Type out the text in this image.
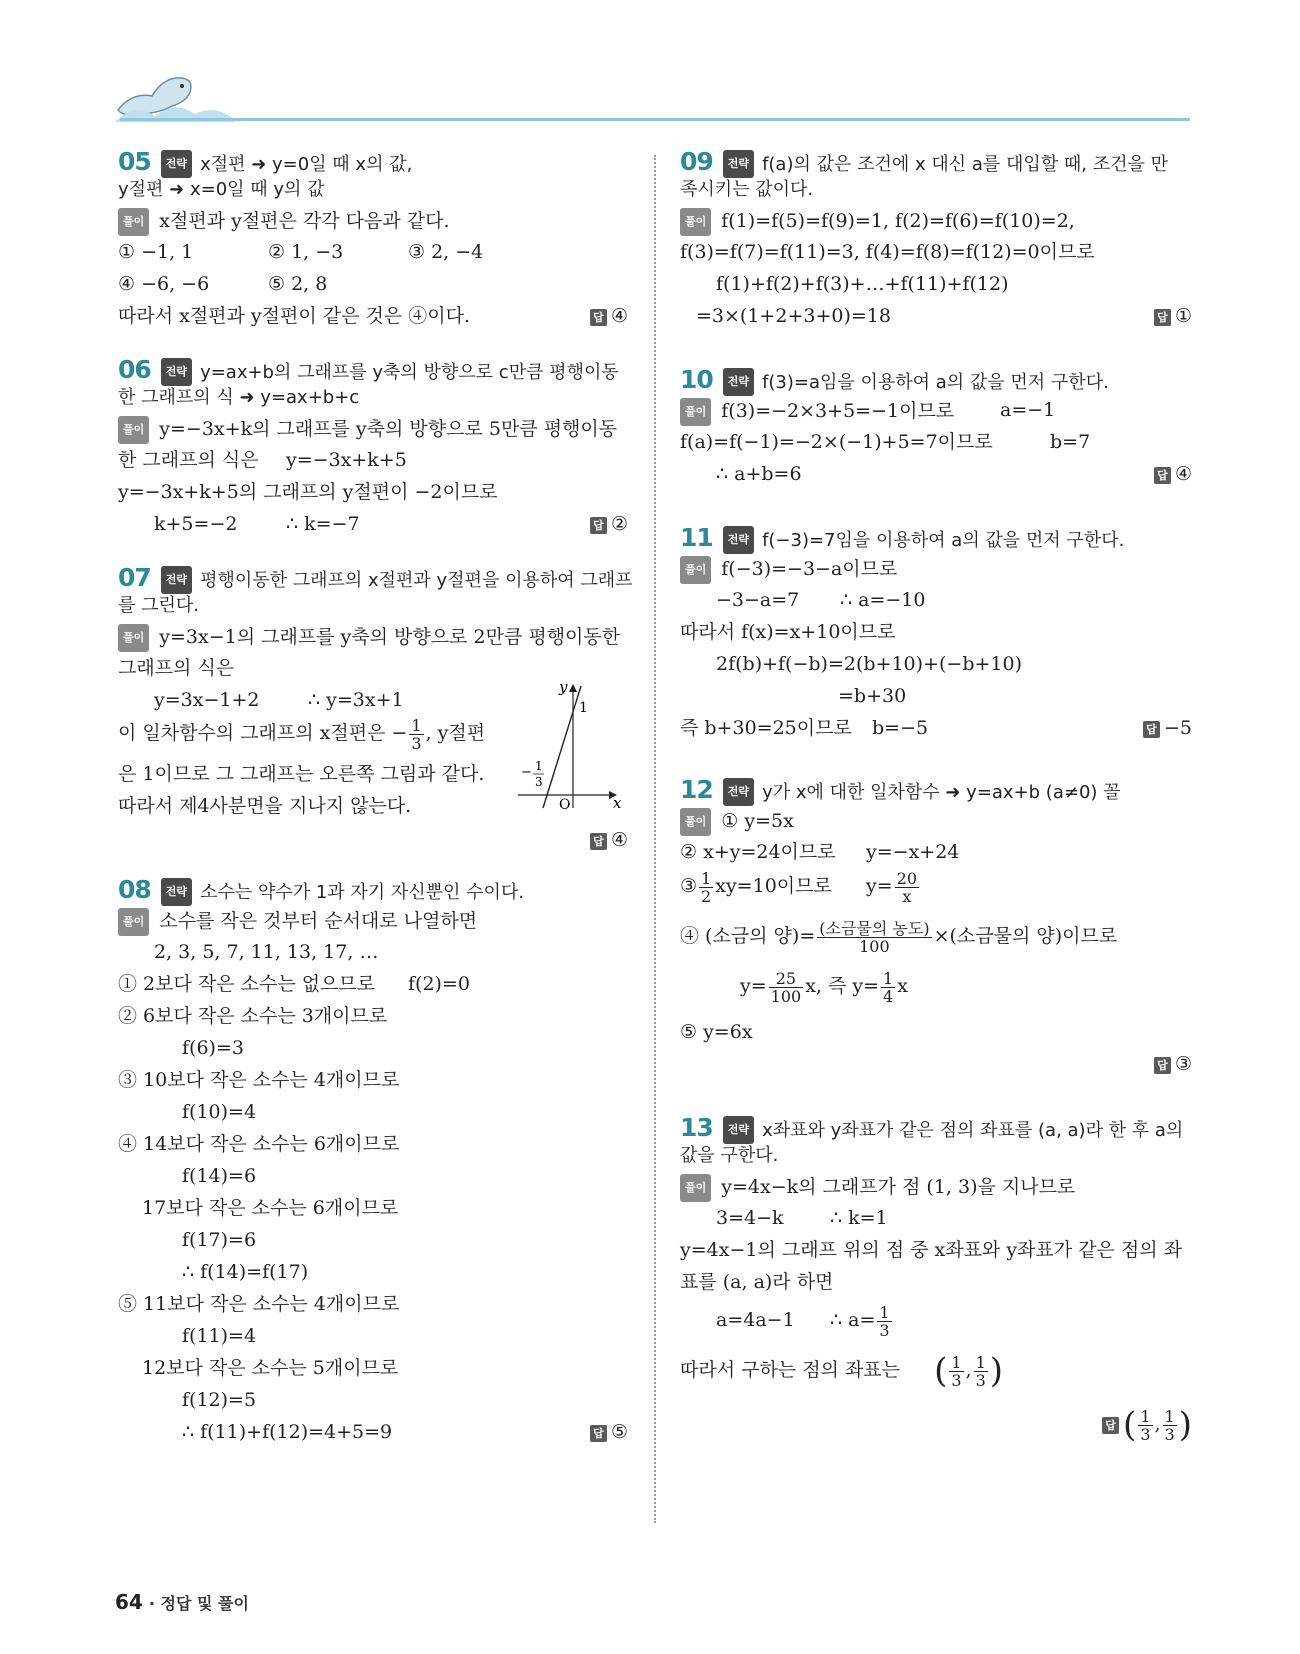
05 전략 x절편 ➜ y=0일 때 x의 값,
y절편 ➜ x=0일 때 y의 값
풀이 x절편과 y절편은 각각 다음과 같다.
① −1, 1	② 1, −3	③ 2, −4
④ −6, −6	⑤ 2, 8
따라서 x절편과 y절편이 같은 것은 ④이다.	답 ④
06 전략 y=ax+b의 그래프를 y축의 방향으로 c만큼 평행이동
한 그래프의 식 ➜ y=ax+b+c
풀이 y=−3x+k의 그래프를 y축의 방향으로 5만큼 평행이동
한 그래프의 식은 y=−3x+k+5
y=−3x+k+5의 그래프의 y절편이 −2이므로
k+5=−2	∴ k=−7	답 ②
07 전략 평행이동한 그래프의 x절편과 y절편을 이용하여 그래프
를 그린다.
풀이 y=3x−1의 그래프를 y축의 방향으로 2만큼 평행이동한
그래프의 식은
y=3x−1+2	∴ y=3x+1
이 일차함수의 그래프의 x절편은 − $\frac{1}{3}$ , y절편
은 1이므로 그 그래프는 오른쪽 그림과 같다.
따라서 제4사분면을 지나지 않는다.
답 ④
x
y
O
1
− 1
3
08 전략 소수는 약수가 1과 자기 자신뿐인 수이다.
풀이 소수를 작은 것부터 순서대로 나열하면
2, 3, 5, 7, 11, 13, 17, …
① 2보다 작은 소수는 없으므로 f(2)=0
② 6보다 작은 소수는 3개이므로
f(6)=3
③ 10보다 작은 소수는 4개이므로
f(10)=4
④ 14보다 작은 소수는 6개이므로
f(14)=6
17보다 작은 소수는 6개이므로
f(17)=6
∴ f(14)=f(17)
⑤ 11보다 작은 소수는 4개이므로
f(11)=4
12보다 작은 소수는 5개이므로
f(12)=5
∴ f(11)+f(12)=4+5=9	답 ⑤
09 전략 f(a)의 값은 조건에 x 대신 a를 대입할 때, 조건을 만
족시키는 값이다.
풀이 f(1)=f(5)=f(9)=1, f(2)=f(6)=f(10)=2,
f(3)=f(7)=f(11)=3, f(4)=f(8)=f(12)=0이므로
f(1)+f(2)+f(3)+…+f(11)+f(12)
=3×(1+2+3+0)=18	답 ①
10 전략 f(3)=a임을 이용하여 a의 값을 먼저 구한다.
풀이 f(3)=−2×3+5=−1이므로 a=−1
f(a)=f(−1)=−2×(−1)+5=7이므로	b=7
∴ a+b=6	답 ④
11 전략 f(−3)=7임을 이용하여 a의 값을 먼저 구한다.
풀이 f(−3)=−3−a이므로
−3−a=7 ∴ a=−10
따라서 f(x)=x+10이므로
2f(b)+f(−b)=2(b+10)+(−b+10)
=b+30
즉 b+30=25이므로 b=−5	답 −5
12 전략 y가 x에 대한 일차함수 ➜ y=ax+b (a≠0) 꼴
풀이 ① y=5x
② x+y=24이므로 y=−x+24
③ $\frac{1}{2} xy=10$이므로 $y= \frac{20}{x}$
④ (소금의 양)= $\frac{\text{(소금물의 농도)}}{100}$ ×(소금물의 양)이므로
$y= \frac{25}{100} x$, 즉 $y= \frac{1}{4}$ x
⑤ y=6x
답 ③
13 전략 x좌표와 y좌표가 같은 점의 좌표를 (a, a)라 한 후 a의
값을 구한다.
풀이 y=4x−k의 그래프가 점 (1, 3)을 지나므로
3=4−k ∴ k=1
y=4x−1의 그래프 위의 점 중 x좌표와 y좌표가 같은 점의 좌
표를 (a, a)라 하면
a=4a−1 ∴ $a= \frac{1}{3}$
따라서 구하는 점의 좌표는 ( $\frac{1}{3}$ , $\frac{1}{3}$ )
답 ( $\frac{1}{3}$ , $\frac{1}{3}$ )
64 · 정답 및 풀이
